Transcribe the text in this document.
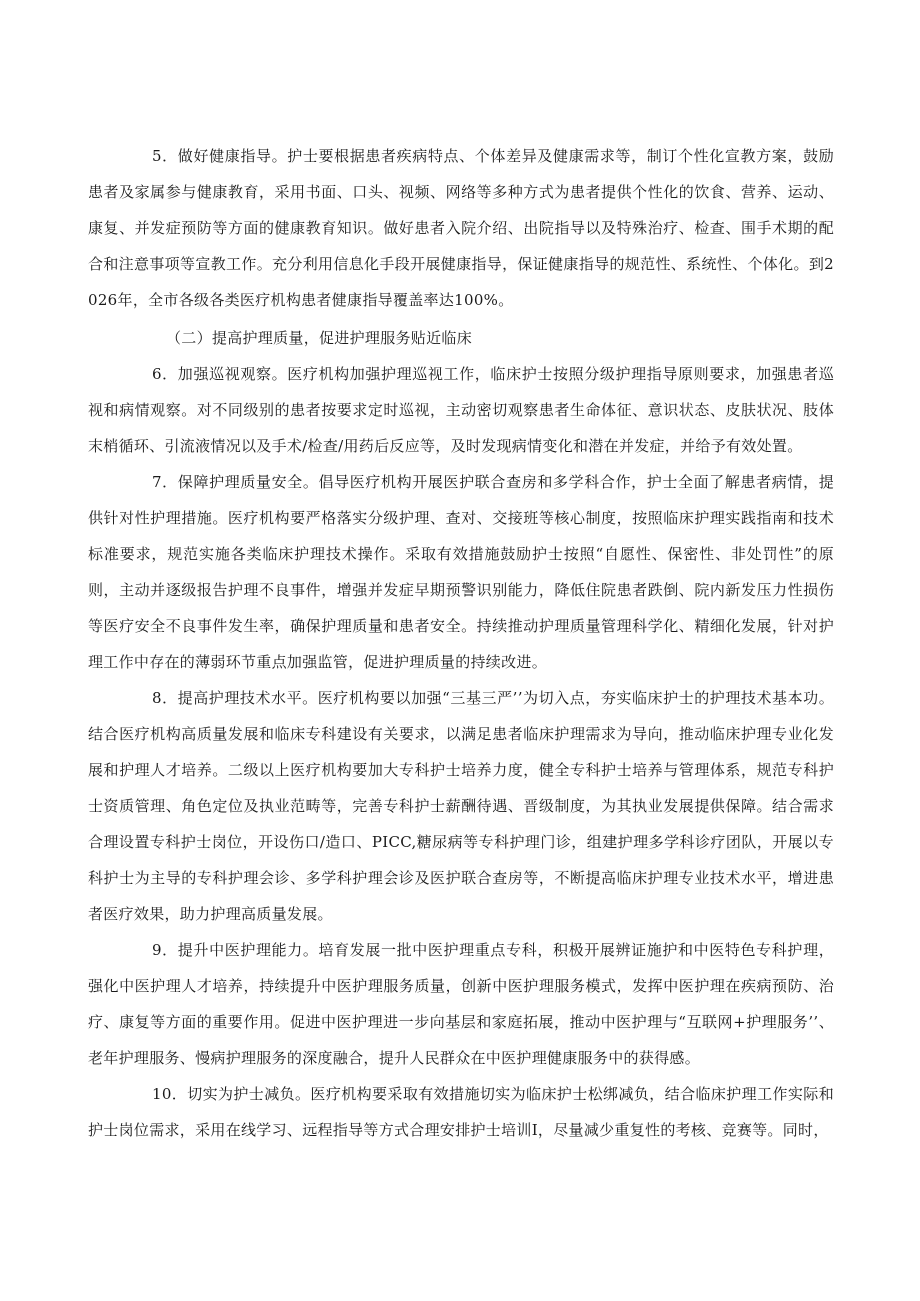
5．做好健康指导。护士要根据患者疾病特点、个体差异及健康需求等，制订个性化宣教方案，鼓励患者及家属参与健康教育，采用书面、口头、视频、网络等多种方式为患者提供个性化的饮食、营养、运动、康复、并发症预防等方面的健康教育知识。做好患者入院介绍、出院指导以及特殊治疗、检查、围手术期的配合和注意事项等宣教工作。充分利用信息化手段开展健康指导，保证健康指导的规范性、系统性、个体化。到2026年，全市各级各类医疗机构患者健康指导覆盖率达100%。

（二）提高护理质量，促进护理服务贴近临床

6．加强巡视观察。医疗机构加强护理巡视工作，临床护士按照分级护理指导原则要求，加强患者巡视和病情观察。对不同级别的患者按要求定时巡视，主动密切观察患者生命体征、意识状态、皮肤状况、肢体末梢循环、引流液情况以及手术/检查/用药后反应等，及时发现病情变化和潜在并发症，并给予有效处置。

7．保障护理质量安全。倡导医疗机构开展医护联合查房和多学科合作，护士全面了解患者病情，提供针对性护理措施。医疗机构要严格落实分级护理、查对、交接班等核心制度，按照临床护理实践指南和技术标准要求，规范实施各类临床护理技术操作。采取有效措施鼓励护士按照“自愿性、保密性、非处罚性”的原则，主动并逐级报告护理不良事件，增强并发症早期预警识别能力，降低住院患者跌倒、院内新发压力性损伤等医疗安全不良事件发生率，确保护理质量和患者安全。持续推动护理质量管理科学化、精细化发展，针对护理工作中存在的薄弱环节重点加强监管，促进护理质量的持续改进。

8．提高护理技术水平。医疗机构要以加强“三基三严’’为切入点，夯实临床护士的护理技术基本功。结合医疗机构高质量发展和临床专科建设有关要求，以满足患者临床护理需求为导向，推动临床护理专业化发展和护理人才培养。二级以上医疗机构要加大专科护士培养力度，健全专科护士培养与管理体系，规范专科护士资质管理、角色定位及执业范畴等，完善专科护士薪酬待遇、晋级制度，为其执业发展提供保障。结合需求合理设置专科护士岗位，开设伤口/造口、PICC,糖尿病等专科护理门诊，组建护理多学科诊疗团队，开展以专科护士为主导的专科护理会诊、多学科护理会诊及医护联合查房等，不断提高临床护理专业技术水平，增进患者医疗效果，助力护理高质量发展。

9．提升中医护理能力。培育发展一批中医护理重点专科，积极开展辨证施护和中医特色专科护理，强化中医护理人才培养，持续提升中医护理服务质量，创新中医护理服务模式，发挥中医护理在疾病预防、治疗、康复等方面的重要作用。促进中医护理进一步向基层和家庭拓展，推动中医护理与“互联网+护理服务’’、老年护理服务、慢病护理服务的深度融合，提升人民群众在中医护理健康服务中的获得感。

10．切实为护士减负。医疗机构要采取有效措施切实为临床护士松绑减负，结合临床护理工作实际和护士岗位需求，采用在线学习、远程指导等方式合理安排护士培训I，尽量减少重复性的考核、竞赛等。同时，
